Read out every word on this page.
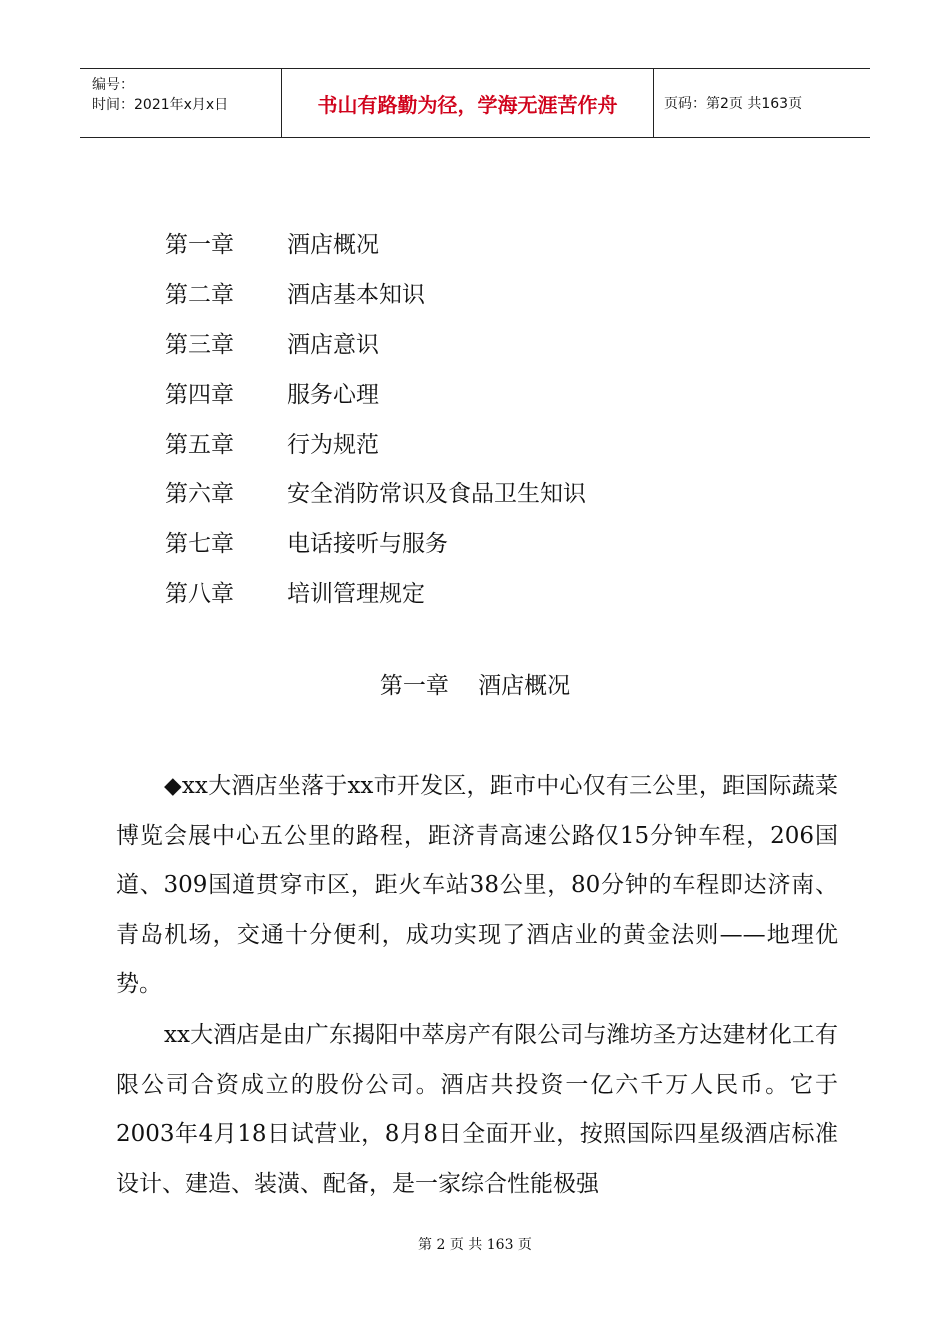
编号：
时间：2021年x月x日	书山有路勤为径，学海无涯苦作舟	页码：第2页 共163页
第一章	酒店概况
第二章	酒店基本知识
第三章	酒店意识
第四章	服务心理
第五章	行为规范
第六章	安全消防常识及食品卫生知识
第七章	电话接听与服务
第八章	培训管理规定
第一章    酒店概况

◆xx大酒店坐落于xx市开发区，距市中心仅有三公里，距国际蔬菜博览会展中心五公里的路程，距济青高速公路仅15分钟车程，206国道、309国道贯穿市区，距火车站38公里，80分钟的车程即达济南、青岛机场，交通十分便利，成功实现了酒店业的黄金法则——地理优势。

xx大酒店是由广东揭阳中萃房产有限公司与潍坊圣方达建材化工有限公司合资成立的股份公司。酒店共投资一亿六千万人民币。它于2003年4月18日试营业，8月8日全面开业，按照国际四星级酒店标准设计、建造、装潢、配备，是一家综合性能极强

第 2 页 共 163 页
